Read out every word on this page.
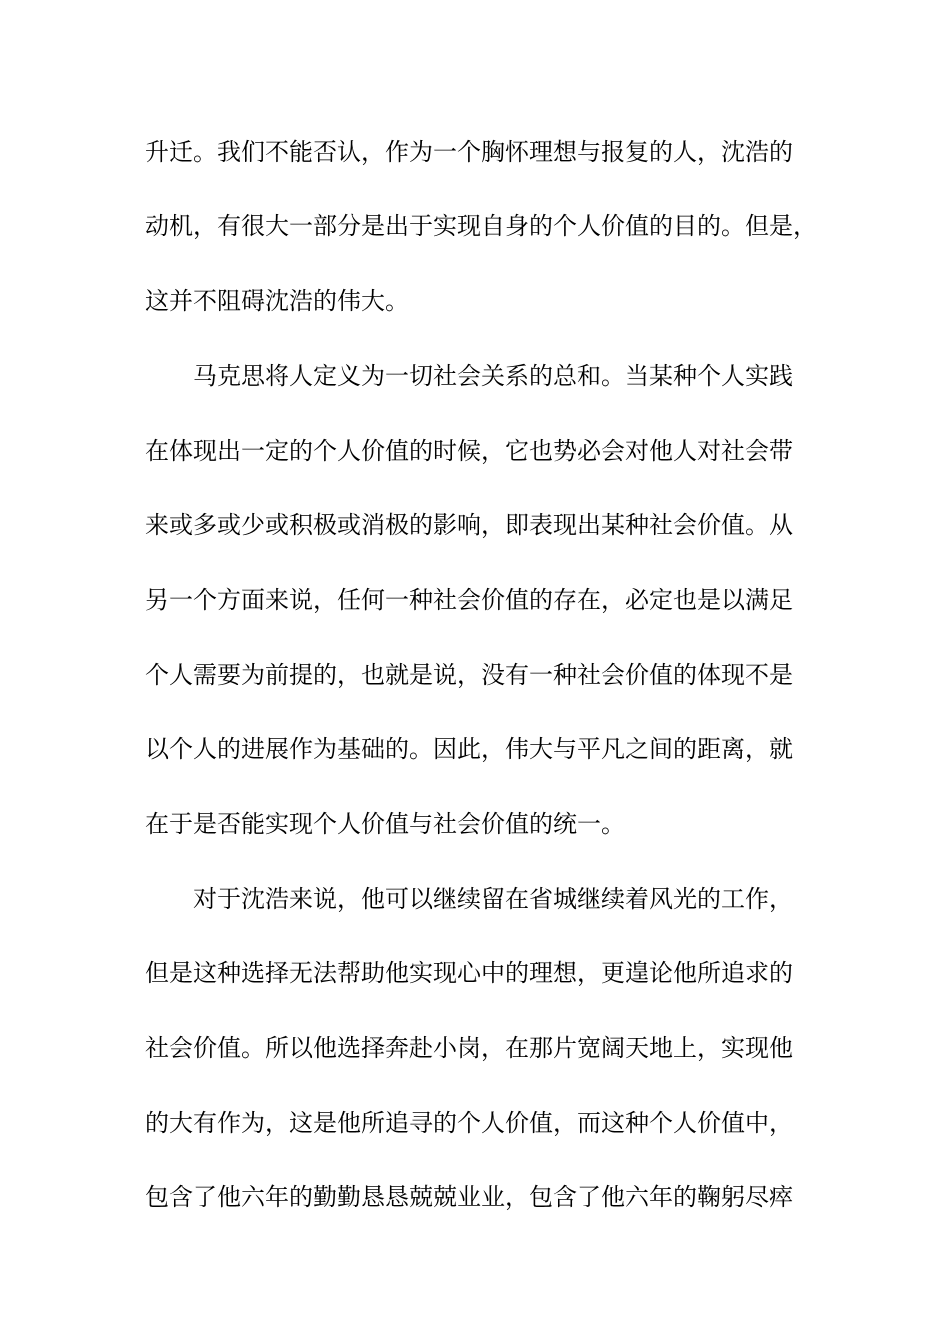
升迁。我们不能否认，作为一个胸怀理想与报复的人，沈浩的
动机，有很大一部分是出于实现自身的个人价值的目的。但是，
这并不阻碍沈浩的伟大。
马克思将人定义为一切社会关系的总和。当某种个人实践
在体现出一定的个人价值的时候，它也势必会对他人对社会带
来或多或少或积极或消极的影响，即表现出某种社会价值。从
另一个方面来说，任何一种社会价值的存在，必定也是以满足
个人需要为前提的，也就是说，没有一种社会价值的体现不是
以个人的进展作为基础的。因此，伟大与平凡之间的距离，就
在于是否能实现个人价值与社会价值的统一。
对于沈浩来说，他可以继续留在省城继续着风光的工作，
但是这种选择无法帮助他实现心中的理想，更遑论他所追求的
社会价值。所以他选择奔赴小岗，在那片宽阔天地上，实现他
的大有作为，这是他所追寻的个人价值，而这种个人价值中，
包含了他六年的勤勤恳恳兢兢业业，包含了他六年的鞠躬尽瘁
